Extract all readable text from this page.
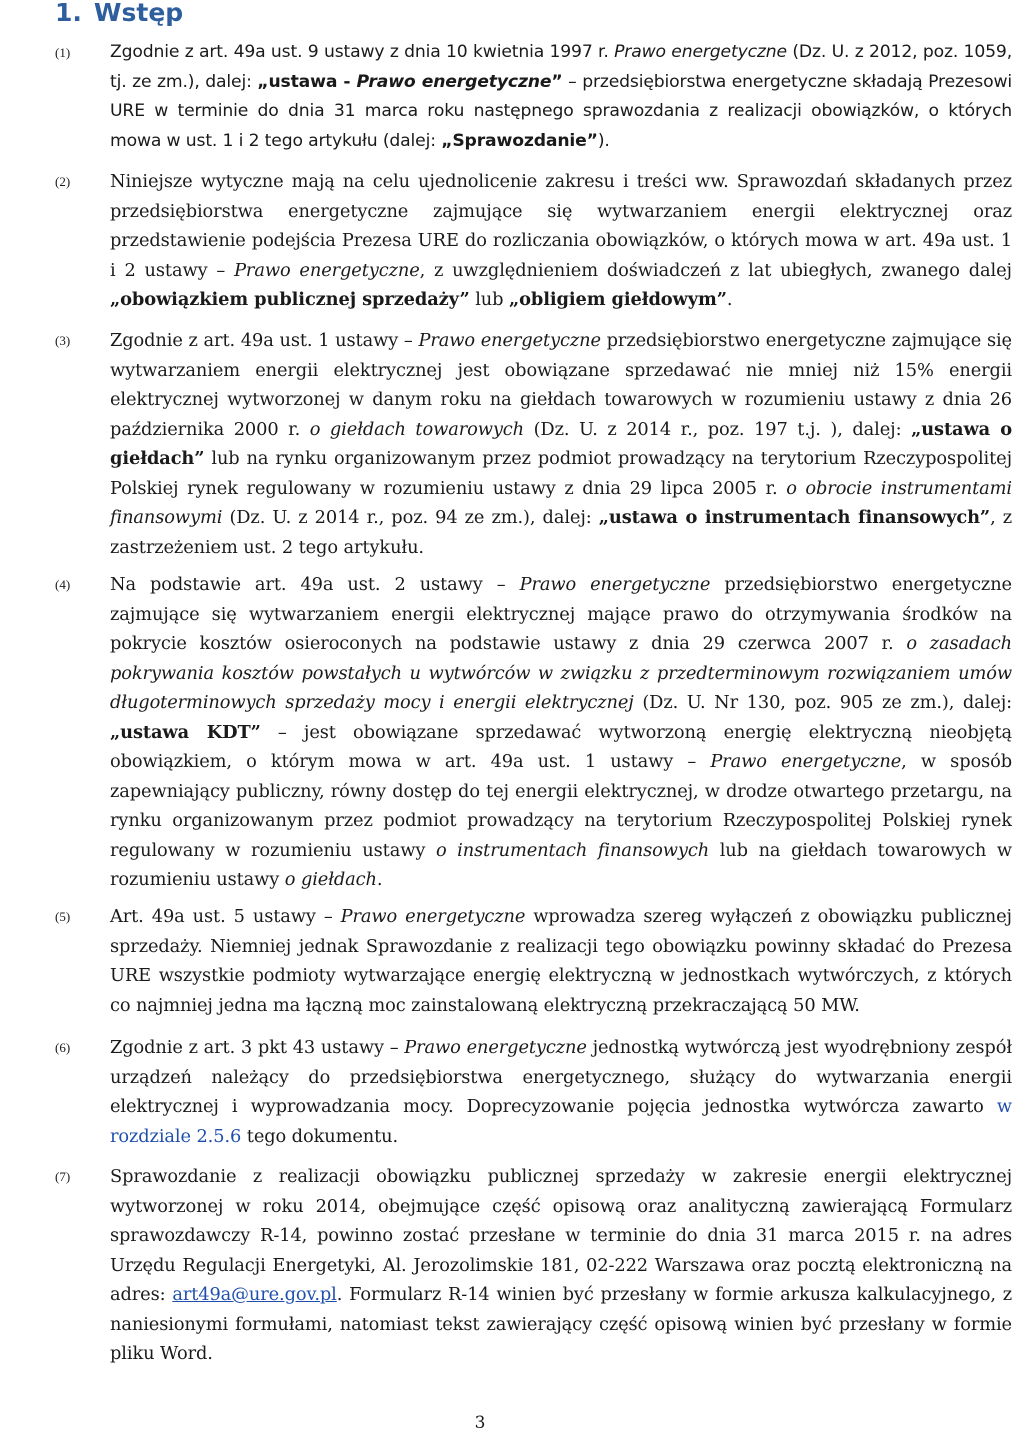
1. Wstęp
(1)	Zgodnie z art. 49a ust. 9 ustawy z dnia 10 kwietnia 1997 r. Prawo energetyczne (Dz. U. z 2012, poz. 1059, tj. ze zm.), dalej: „ustawa - Prawo energetyczne” – przedsiębiorstwa energetyczne składają Prezesowi URE w terminie do dnia 31 marca roku następnego sprawozdania z realizacji obowiązków, o których mowa w ust. 1 i 2 tego artykułu (dalej: „Sprawozdanie”).
(2)	Niniejsze wytyczne mają na celu ujednolicenie zakresu i treści ww. Sprawozdań składanych przez przedsiębiorstwa energetyczne zajmujące się wytwarzaniem energii elektrycznej oraz przedstawienie podejścia Prezesa URE do rozliczania obowiązków, o których mowa w art. 49a ust. 1 i 2 ustawy – Prawo energetyczne, z uwzględnieniem doświadczeń z lat ubiegłych, zwanego dalej „obowiązkiem publicznej sprzedaży” lub „obligiem giełdowym”.
(3)	Zgodnie z art. 49a ust. 1 ustawy – Prawo energetyczne przedsiębiorstwo energetyczne zajmujące się wytwarzaniem energii elektrycznej jest obowiązane sprzedawać nie mniej niż 15% energii elektrycznej wytworzonej w danym roku na giełdach towarowych w rozumieniu ustawy z dnia 26 października 2000 r. o giełdach towarowych (Dz. U. z 2014 r., poz. 197 t.j. ), dalej: „ustawa o giełdach” lub na rynku organizowanym przez podmiot prowadzący na terytorium Rzeczypospolitej Polskiej rynek regulowany w rozumieniu ustawy z dnia 29 lipca 2005 r. o obrocie instrumentami finansowymi (Dz. U. z 2014 r., poz. 94 ze zm.), dalej: „ustawa o instrumentach finansowych”, z zastrzeżeniem ust. 2 tego artykułu.
(4)	Na podstawie art. 49a ust. 2 ustawy – Prawo energetyczne przedsiębiorstwo energetyczne zajmujące się wytwarzaniem energii elektrycznej mające prawo do otrzymywania środków na pokrycie kosztów osieroconych na podstawie ustawy z dnia 29 czerwca 2007 r. o zasadach pokrywania kosztów powstałych u wytwórców w związku z przedterminowym rozwiązaniem umów długoterminowych sprzedaży mocy i energii elektrycznej (Dz. U. Nr 130, poz. 905 ze zm.), dalej: „ustawa KDT” – jest obowiązane sprzedawać wytworzoną energię elektryczną nieobjętą obowiązkiem, o którym mowa w art. 49a ust. 1 ustawy – Prawo energetyczne, w sposób zapewniający publiczny, równy dostęp do tej energii elektrycznej, w drodze otwartego przetargu, na rynku organizowanym przez podmiot prowadzący na terytorium Rzeczypospolitej Polskiej rynek regulowany w rozumieniu ustawy o instrumentach finansowych lub na giełdach towarowych w rozumieniu ustawy o giełdach.
(5)	Art. 49a ust. 5 ustawy – Prawo energetyczne wprowadza szereg wyłączeń z obowiązku publicznej sprzedaży. Niemniej jednak Sprawozdanie z realizacji tego obowiązku powinny składać do Prezesa URE wszystkie podmioty wytwarzające energię elektryczną w jednostkach wytwórczych, z których co najmniej jedna ma łączną moc zainstalowaną elektryczną przekraczającą 50 MW.
(6)	Zgodnie z art. 3 pkt 43 ustawy – Prawo energetyczne jednostką wytwórczą jest wyodrębniony zespół urządzeń należący do przedsiębiorstwa energetycznego, służący do wytwarzania energii elektrycznej i wyprowadzania mocy. Doprecyzowanie pojęcia jednostka wytwórcza zawarto w rozdziale 2.5.6 tego dokumentu.
(7)	Sprawozdanie z realizacji obowiązku publicznej sprzedaży w zakresie energii elektrycznej wytworzonej w roku 2014, obejmujące część opisową oraz analityczną zawierającą Formularz sprawozdawczy R-14, powinno zostać przesłane w terminie do dnia 31 marca 2015 r. na adres Urzędu Regulacji Energetyki, Al. Jerozolimskie 181, 02-222 Warszawa oraz pocztą elektroniczną na adres: art49a@ure.gov.pl. Formularz R-14 winien być przesłany w formie arkusza kalkulacyjnego, z naniesionymi formułami, natomiast tekst zawierający część opisową winien być przesłany w formie pliku Word.
3
